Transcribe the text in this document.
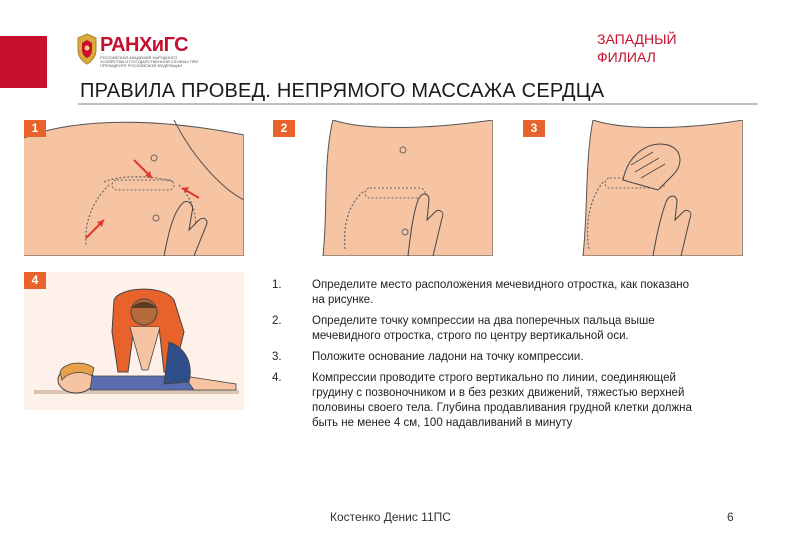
РАНХиГС
РОССИЙСКАЯ АКАДЕМИЯ НАРОДНОГО ХОЗЯЙСТВА И ГОСУДАРСТВЕННОЙ СЛУЖБЫ ПРИ ПРЕЗИДЕНТЕ РОССИЙСКОЙ ФЕДЕРАЦИИ
ЗАПАДНЫЙ
ФИЛИАЛ
ПРАВИЛА ПРОВЕД. НЕПРЯМОГО МАССАЖА СЕРДЦА
1	2	3
4	1.	Определите место расположения мечевидного отростка, как показано на рисунке.
2.	Определите точку компрессии на два поперечных пальца выше мечевидного отростка, строго по центру вертикальной оси.
3.	Положите основание ладони на точку компрессии.
4.	Компрессии проводите строго вертикально по линии, соединяющей грудину с позвоночником и в без резких движений, тяжестью верхней половины своего тела. Глубина продавливания грудной клетки должна быть не менее 4 см, 100 надавливаний в минуту
Костенко Денис 11ПС	6
